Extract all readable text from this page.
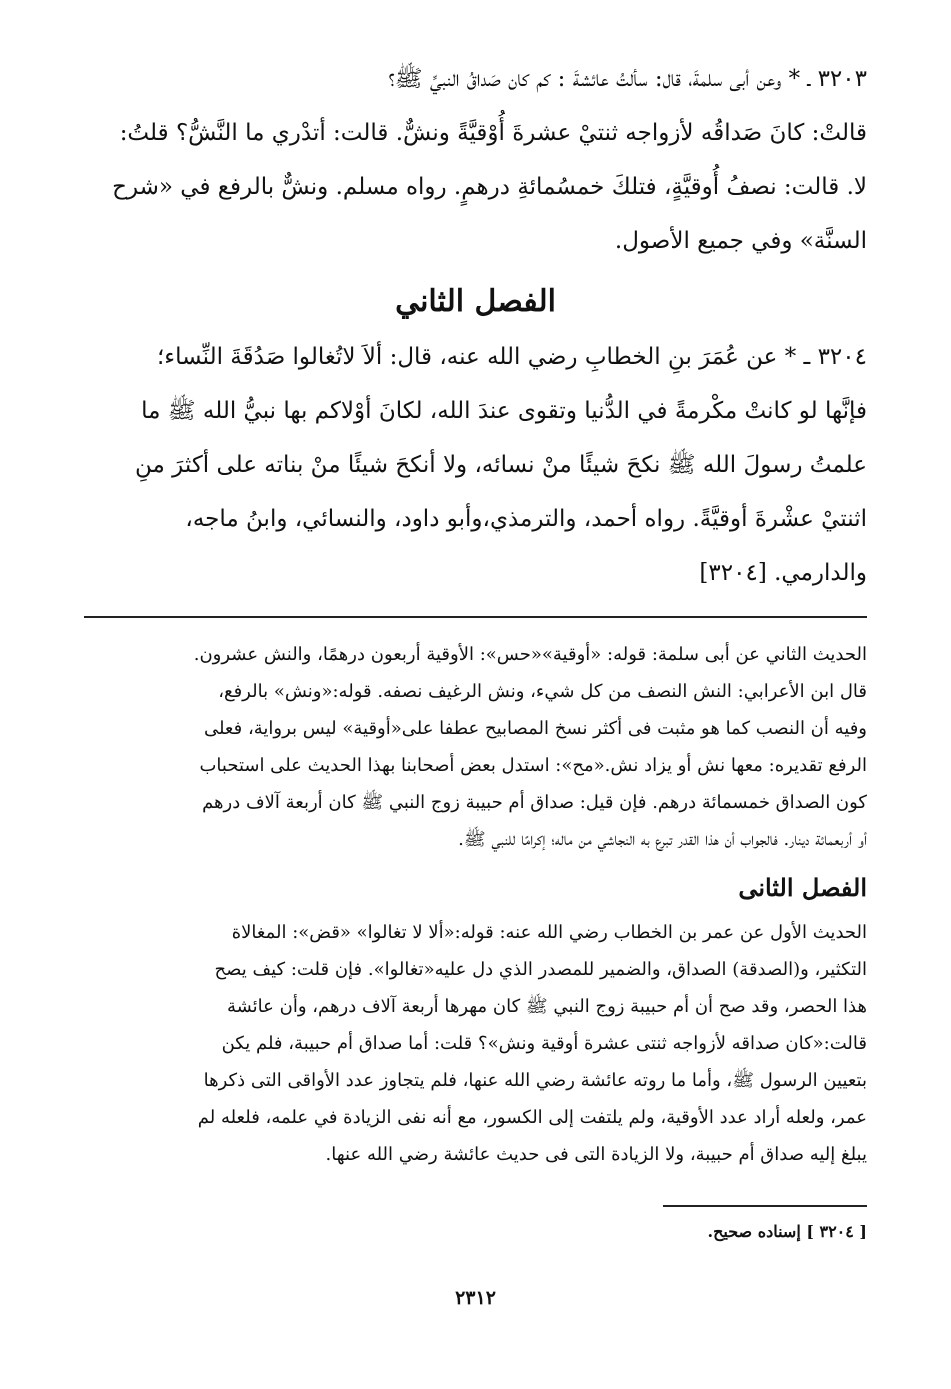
٣٢٠٣ ـ * وعن أبى سلمةَ، قال: سألتُ عائشةَ : كم كان صَداقُ النبيِّ ﷺ؟
قالتْ: كانَ صَداقُه لأزواجه ثنتيْ عشرةَ أُوْقيَّةً ونشٌّ. قالت: أتدْري ما النَّشُّ؟ قلتُ:
لا. قالت: نصفُ أُوقيَّةٍ، فتلكَ خمسُمائةِ درهمٍ. رواه مسلم. ونشٌّ بالرفع في «شرح
السنَّة» وفي جميع الأصول.
الفصل الثاني
٣٢٠٤ ـ * عن عُمَرَ بنِ الخطابِ رضي الله عنه، قال: ألاَ لاتُغالوا صَدُقَةَ النِّساء؛
فإنَّها لو كانتْ مكْرمةً في الدُّنيا وتقوى عندَ الله، لكانَ أوْلاكم بها نبيُّ الله ﷺ ما
علمتُ رسولَ الله ﷺ نكحَ شيئًا منْ نسائه، ولا أنكحَ شيئًا منْ بناته على أكثرَ منِ
اثنتيْ عشْرةَ أوقيَّةً. رواه أحمد، والترمذي،وأبو داود، والنسائي، وابنُ ماجه،
والدارمي. [٣٢٠٤]
الحديث الثاني عن أبى سلمة: قوله: «أوقية»«حس»: الأوقية أربعون درهمًا، والنش عشرون.
قال ابن الأعرابي: النش النصف من كل شيء، ونش الرغيف نصفه. قوله:«ونش» بالرفع،
وفيه أن النصب كما هو مثبت فى أكثر نسخ المصابيح عطفا على«أوقية» ليس برواية، فعلى
الرفع تقديره: معها نش أو يزاد نش.«مح»: استدل بعض أصحابنا بهذا الحديث على استحباب
كون الصداق خمسمائة درهم. فإن قيل: صداق أم حبيبة زوج النبي ﷺ كان أربعة آلاف درهم
أو أربعمائة دينار. فالجواب أن هذا القدر تبرع به النجاشي من ماله؛ إكرامًا للنبي ﷺ.
الفصل الثانى
الحديث الأول عن عمر بن الخطاب رضي الله عنه: قوله:«ألا لا تغالوا» «قض»: المغالاة
التكثير، و(الصدقة) الصداق، والضمير للمصدر الذي دل عليه«تغالوا». فإن قلت: كيف يصح
هذا الحصر، وقد صح أن أم حبيبة زوج النبي ﷺ كان مهرها أربعة آلاف درهم، وأن عائشة
قالت:«كان صداقه لأزواجه ثنتى عشرة أوقية ونش»؟ قلت: أما صداق أم حبيبة، فلم يكن
بتعيين الرسول ﷺ، وأما ما روته عائشة رضي الله عنها، فلم يتجاوز عدد الأواقى التى ذكرها
عمر، ولعله أراد عدد الأوقية، ولم يلتفت إلى الكسور، مع أنه نفى الزيادة في علمه، فلعله لم
يبلغ إليه صداق أم حبيبة، ولا الزيادة التى فى حديث عائشة رضي الله عنها.
[ ٣٢٠٤ ] إسناده صحيح.
٢٣١٢
